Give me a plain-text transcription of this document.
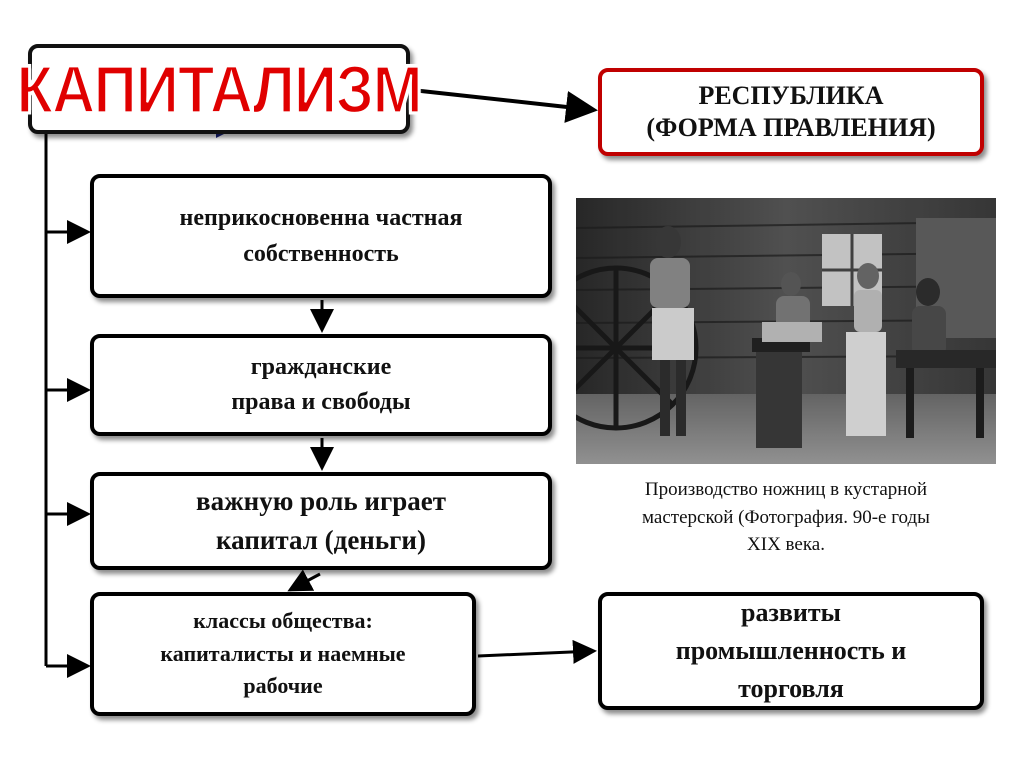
КАПИТАЛИЗМ	РЕСПУБЛИКА
(ФОРМА ПРАВЛЕНИЯ)
неприкосновенна частная
собственность
гражданские
права и свободы
важную роль играет
капитал (деньги)
классы общества:
капиталисты и наемные
рабочие
развиты
промышленность и
торговля
Производство ножниц в кустарной
мастерской (Фотография. 90-е годы
XIX века.
